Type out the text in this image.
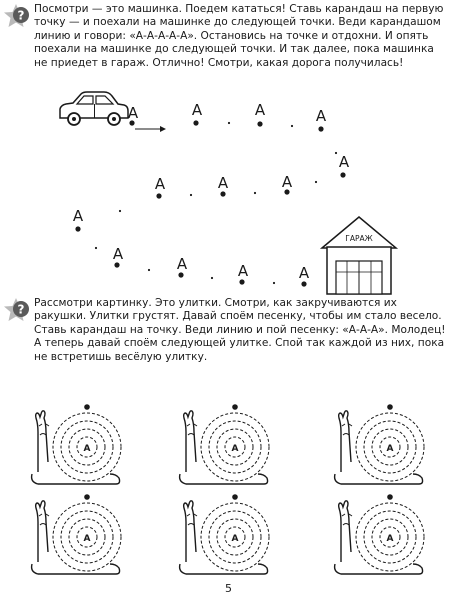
? Посмотри — это машинка. Поедем кататься! Ставь карандаш на первую точку — и поехали на машинке до следующей точки. Веди карандашом линию и говори: «А-А-А-А-А». Остановись на точке и отдохни. И опять поехали на машинке до следующей точки. И так далее, пока машинка не приедет в гараж. Отлично! Смотри, какая дорога получилась!

А	А	А	А
А
А
А
А
А
А
А	А	А
ГАРАЖ
? Рассмотри картинку. Это улитки. Смотри, как закручиваются их ракушки. Улитки грустят. Давай споём песенку, чтобы им стало весело. Ставь карандаш на точку. Веди линию и пой песенку: «А-А-А». Молодец! А теперь давай споём следующей улитке. Спой так каждой из них, пока не встретишь весёлую улитку.

А	А	А
А	А	А
5
